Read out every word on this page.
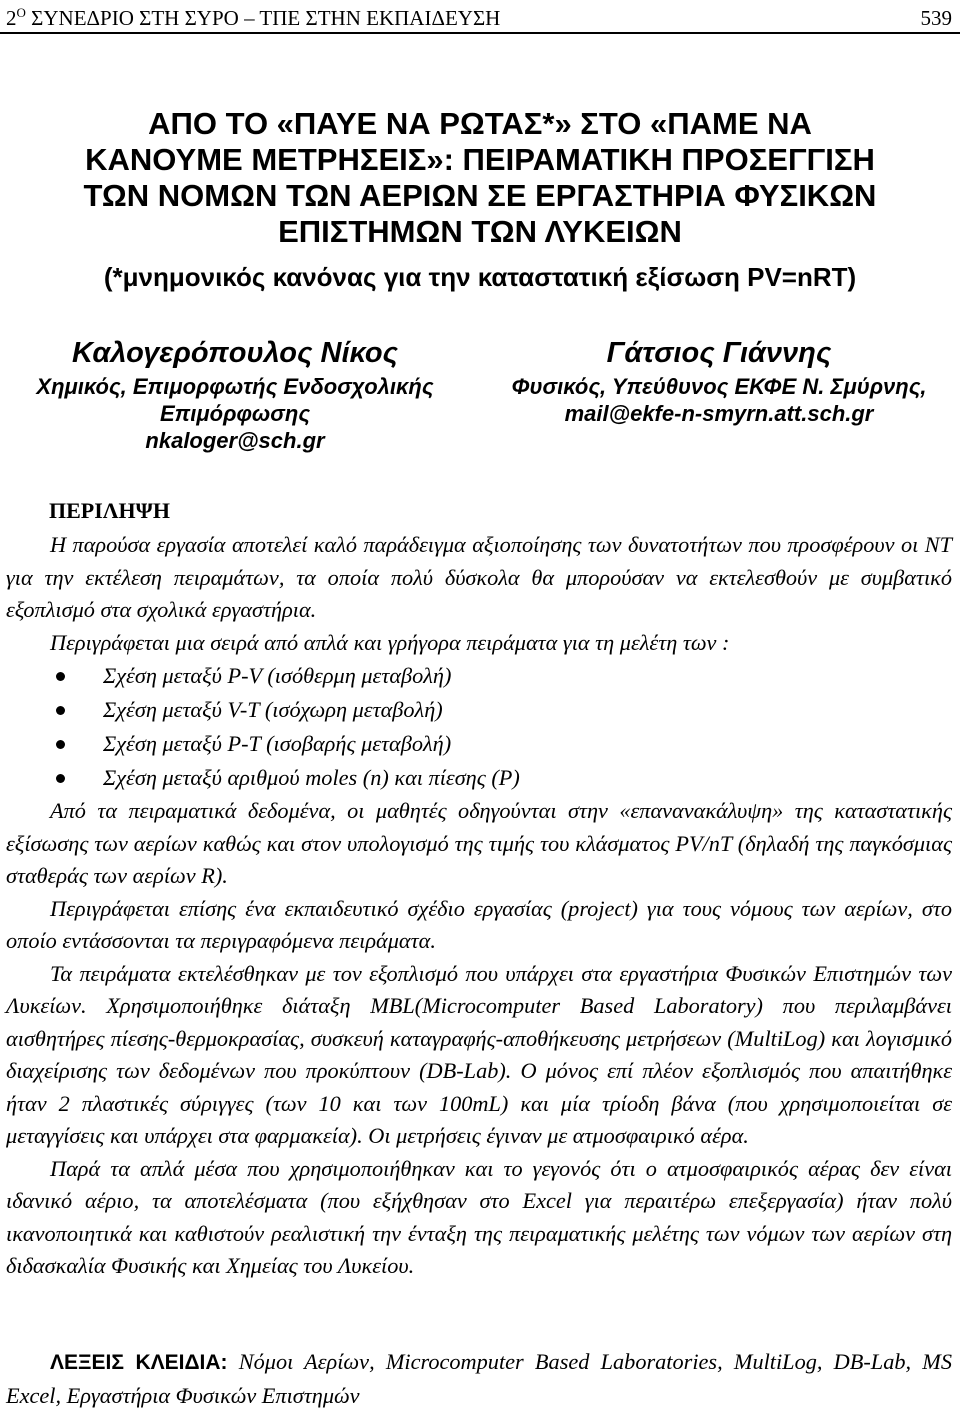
$2^O$ ΣΥΝΕΔΡΙΟ ΣΤΗ ΣΥΡΟ – ΤΠΕ ΣΤΗΝ ΕΚΠΑΙΔΕΥΣΗ	539
ΑΠΟ ΤΟ «ΠΑΥΕ ΝΑ ΡΩΤΑΣ*» ΣΤΟ «ΠΑΜΕ ΝΑ
ΚΑΝΟΥΜΕ ΜΕΤΡΗΣΕΙΣ»: ΠΕΙΡΑΜΑΤΙΚΗ ΠΡΟΣΕΓΓΙΣΗ
ΤΩΝ ΝΟΜΩΝ ΤΩΝ ΑΕΡΙΩΝ ΣΕ ΕΡΓΑΣΤΗΡΙΑ ΦΥΣΙΚΩΝ
ΕΠΙΣΤΗΜΩΝ ΤΩΝ ΛΥΚΕΙΩΝ
(*μνημονικός κανόνας για την καταστατική εξίσωση PV=nRT)
Καλογερόπουλος Νίκος
Χημικός, Επιμορφωτής Ενδοσχολικής
Επιμόρφωσης
nkaloger@sch.gr
Γάτσιος Γιάννης
Φυσικός, Υπεύθυνος ΕΚΦΕ Ν. Σμύρνης,
mail@ekfe-n-smyrn.att.sch.gr
ΠΕΡΙΛΗΨΗ

Η παρούσα εργασία αποτελεί καλό παράδειγμα αξιοποίησης των δυνατοτήτων που προσφέρουν οι ΝΤ για την εκτέλεση πειραμάτων, τα οποία πολύ δύσκολα θα μπορούσαν να εκτελεσθούν με συμβατικό εξοπλισμό στα σχολικά εργαστήρια.

Περιγράφεται μια σειρά από απλά και γρήγορα πειράματα για τη μελέτη των :

Σχέση μεταξύ P-V (ισόθερμη μεταβολή)
Σχέση μεταξύ V-T (ισόχωρη μεταβολή)
Σχέση μεταξύ P-T (ισοβαρής μεταβολή)
Σχέση μεταξύ αριθμού moles (n) και πίεσης (P)

Από τα πειραματικά δεδομένα, οι μαθητές οδηγούνται στην «επανανακάλυψη» της καταστατικής εξίσωσης των αερίων καθώς και στον υπολογισμό της τιμής του κλάσματος PV/nT (δηλαδή της παγκόσμιας σταθεράς των αερίων R).

Περιγράφεται επίσης ένα εκπαιδευτικό σχέδιο εργασίας (project) για τους νόμους των αερίων, στο οποίο εντάσσονται τα περιγραφόμενα πειράματα.

Τα πειράματα εκτελέσθηκαν με τον εξοπλισμό που υπάρχει στα εργαστήρια Φυσικών Επιστημών των Λυκείων. Χρησιμοποιήθηκε διάταξη MBL(Microcomputer Based Laboratory) που περιλαμβάνει αισθητήρες πίεσης-θερμοκρασίας, συσκευή καταγραφής-αποθήκευσης μετρήσεων (MultiLog) και λογισμικό διαχείρισης των δεδομένων που προκύπτουν (DB-Lab). Ο μόνος επί πλέον εξοπλισμός που απαιτήθηκε ήταν 2 πλαστικές σύριγγες (των 10 και των 100mL) και μία τρίοδη βάνα (που χρησιμοποιείται σε μεταγγίσεις και υπάρχει στα φαρμακεία). Οι μετρήσεις έγιναν με ατμοσφαιρικό αέρα.

Παρά τα απλά μέσα που χρησιμοποιήθηκαν και το γεγονός ότι ο ατμοσφαιρικός αέρας δεν είναι ιδανικό αέριο, τα αποτελέσματα (που εξήχθησαν στο Excel για περαιτέρω επεξεργασία) ήταν πολύ ικανοποιητικά και καθιστούν ρεαλιστική την ένταξη της πειραματικής μελέτης των νόμων των αερίων στη διδασκαλία Φυσικής και Χημείας του Λυκείου.

ΛΕΞΕΙΣ ΚΛΕΙΔΙΑ: Νόμοι Αερίων, Microcomputer Based Laboratories, MultiLog, DB-Lab, MS Excel, Εργαστήρια Φυσικών Επιστημών
